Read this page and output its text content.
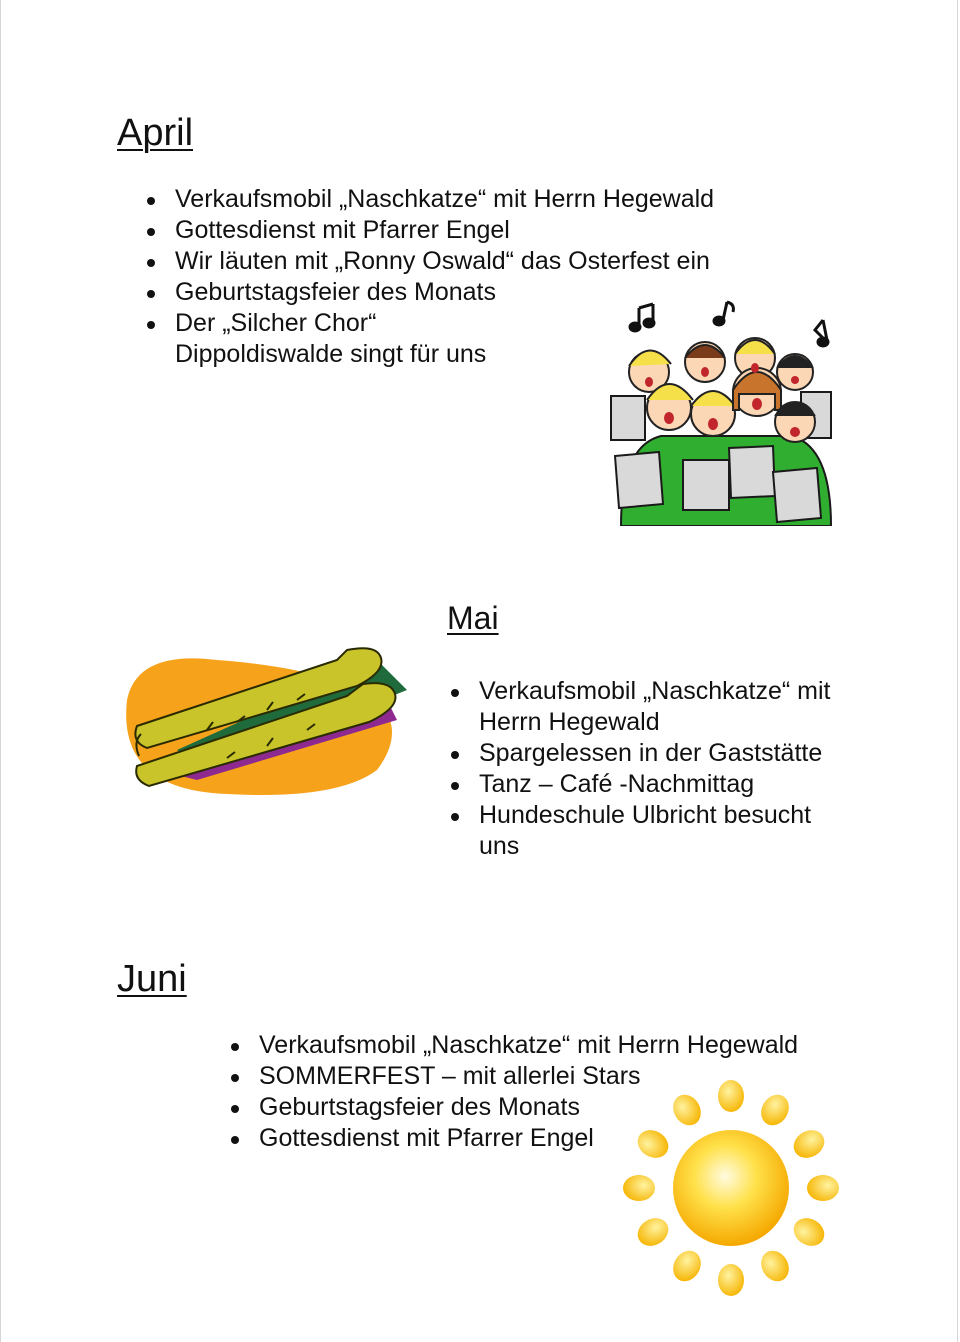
April
Verkaufsmobil „Naschkatze“ mit Herrn Hegewald
Gottesdienst mit Pfarrer Engel
Wir läuten mit „Ronny Oswald“ das Osterfest ein
Geburtstagsfeier des Monats
Der „Silcher Chor“ Dippoldiswalde singt für uns
Mai
Verkaufsmobil „Naschkatze“ mit Herrn Hegewald
Spargelessen in der Gaststätte
Tanz – Café -Nachmittag
Hundeschule Ulbricht besucht uns
Juni
Verkaufsmobil „Naschkatze“ mit Herrn Hegewald
SOMMERFEST – mit allerlei Stars
Geburtstagsfeier des Monats
Gottesdienst mit Pfarrer Engel
